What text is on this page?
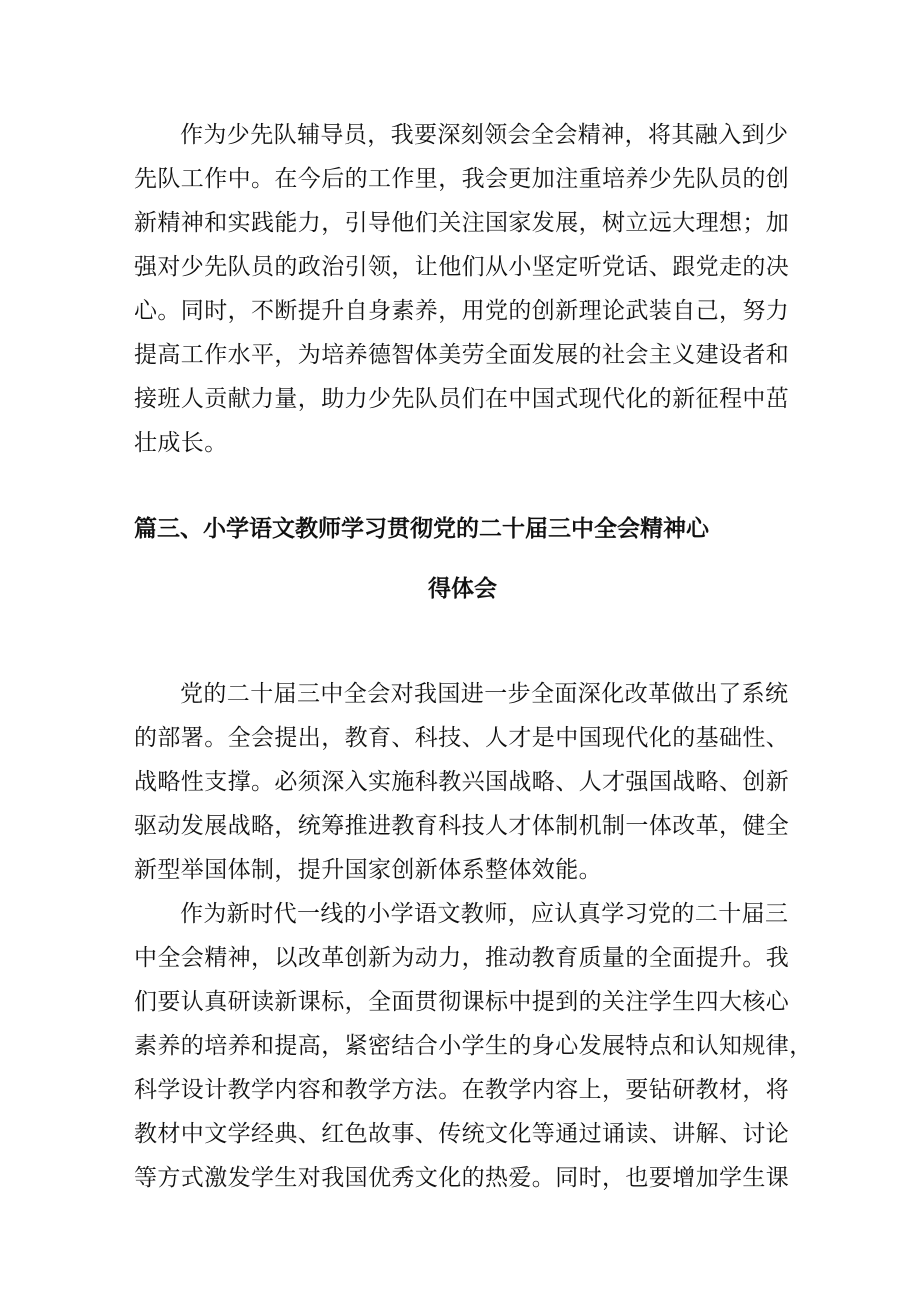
作为少先队辅导员，我要深刻领会全会精神，将其融入到少
先队工作中。在今后的工作里，我会更加注重培养少先队员的创
新精神和实践能力，引导他们关注国家发展，树立远大理想；加
强对少先队员的政治引领，让他们从小坚定听党话、跟党走的决
心。同时，不断提升自身素养，用党的创新理论武装自己，努力
提高工作水平，为培养德智体美劳全面发展的社会主义建设者和
接班人贡献力量，助力少先队员们在中国式现代化的新征程中茁
壮成长。
篇三、小学语文教师学习贯彻党的二十届三中全会精神心
得体会
党的二十届三中全会对我国进一步全面深化改革做出了系统
的部署。全会提出，教育、科技、人才是中国现代化的基础性、
战略性支撑。必须深入实施科教兴国战略、人才强国战略、创新
驱动发展战略，统筹推进教育科技人才体制机制一体改革，健全
新型举国体制，提升国家创新体系整体效能。
作为新时代一线的小学语文教师，应认真学习党的二十届三
中全会精神，以改革创新为动力，推动教育质量的全面提升。我
们要认真研读新课标，全面贯彻课标中提到的关注学生四大核心
素养的培养和提高，紧密结合小学生的身心发展特点和认知规律，
科学设计教学内容和教学方法。在教学内容上，要钻研教材，将
教材中文学经典、红色故事、传统文化等通过诵读、讲解、讨论
等方式激发学生对我国优秀文化的热爱。同时，也要增加学生课
